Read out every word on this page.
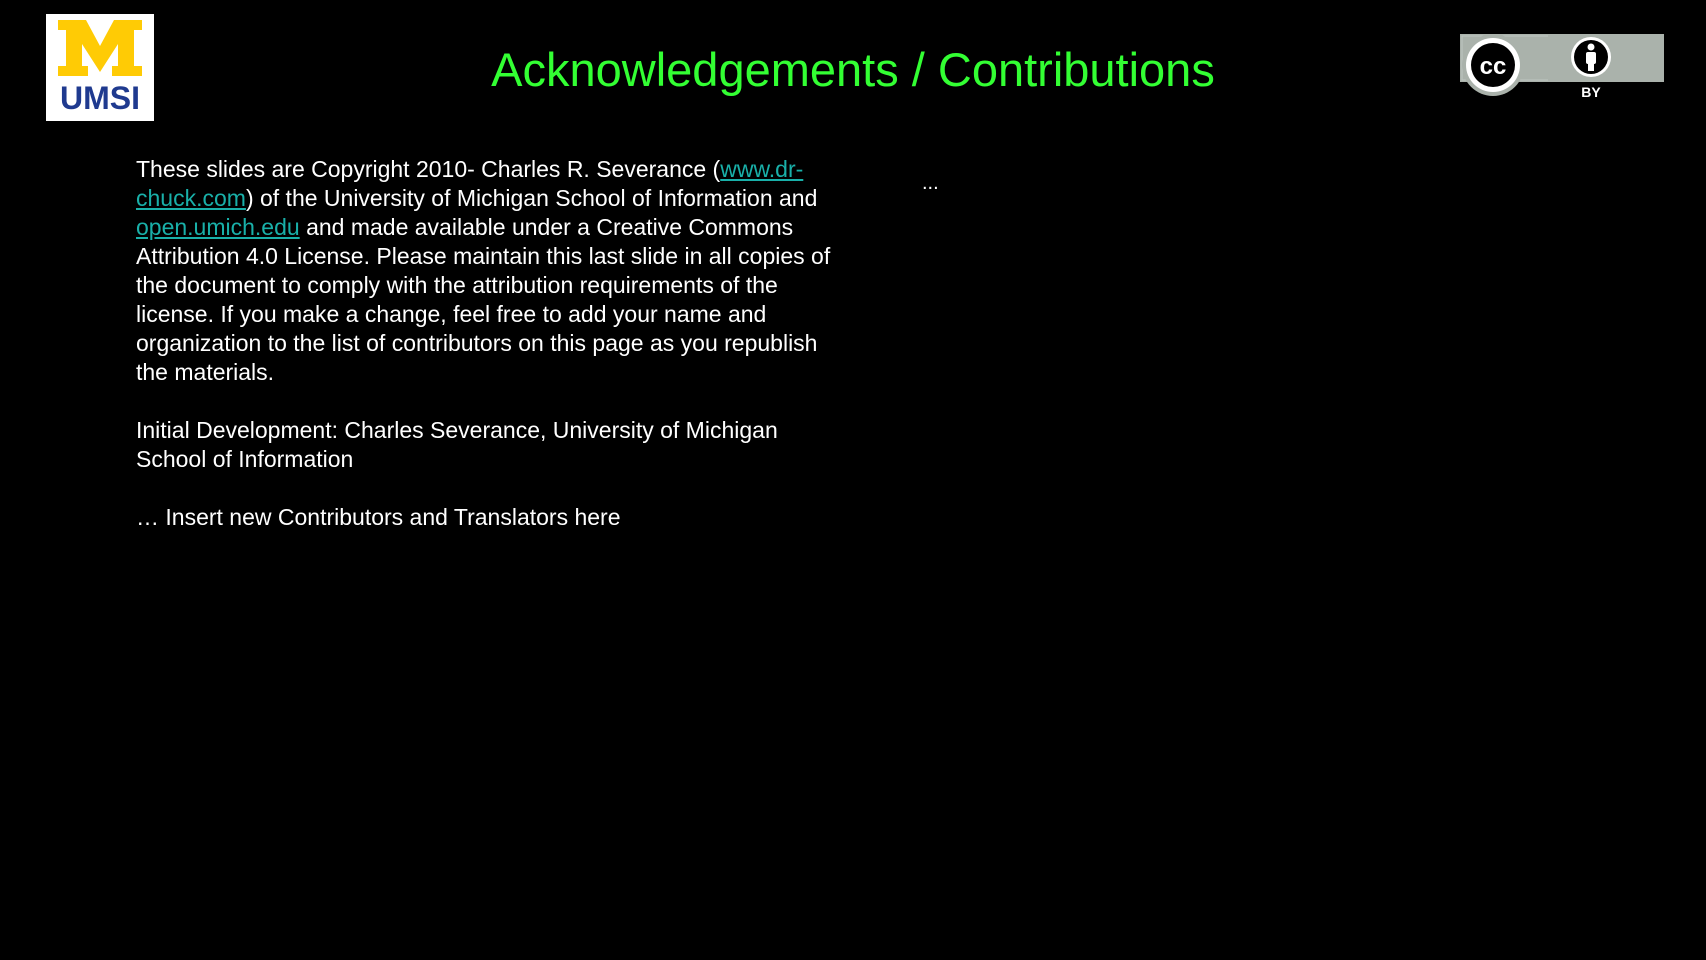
UMSI
Acknowledgements / Contributions	cc
BY

These slides are Copyright 2010- Charles R. Severance (www.dr-chuck.com) of the University of Michigan School of Information and open.umich.edu and made available under a Creative Commons Attribution 4.0 License. Please maintain this last slide in all copies of the document to comply with the attribution requirements of the license. If you make a change, feel free to add your name and organization to the list of contributors on this page as you republish the materials.

Initial Development: Charles Severance, University of Michigan School of Information

… Insert new Contributors and Translators here

...
